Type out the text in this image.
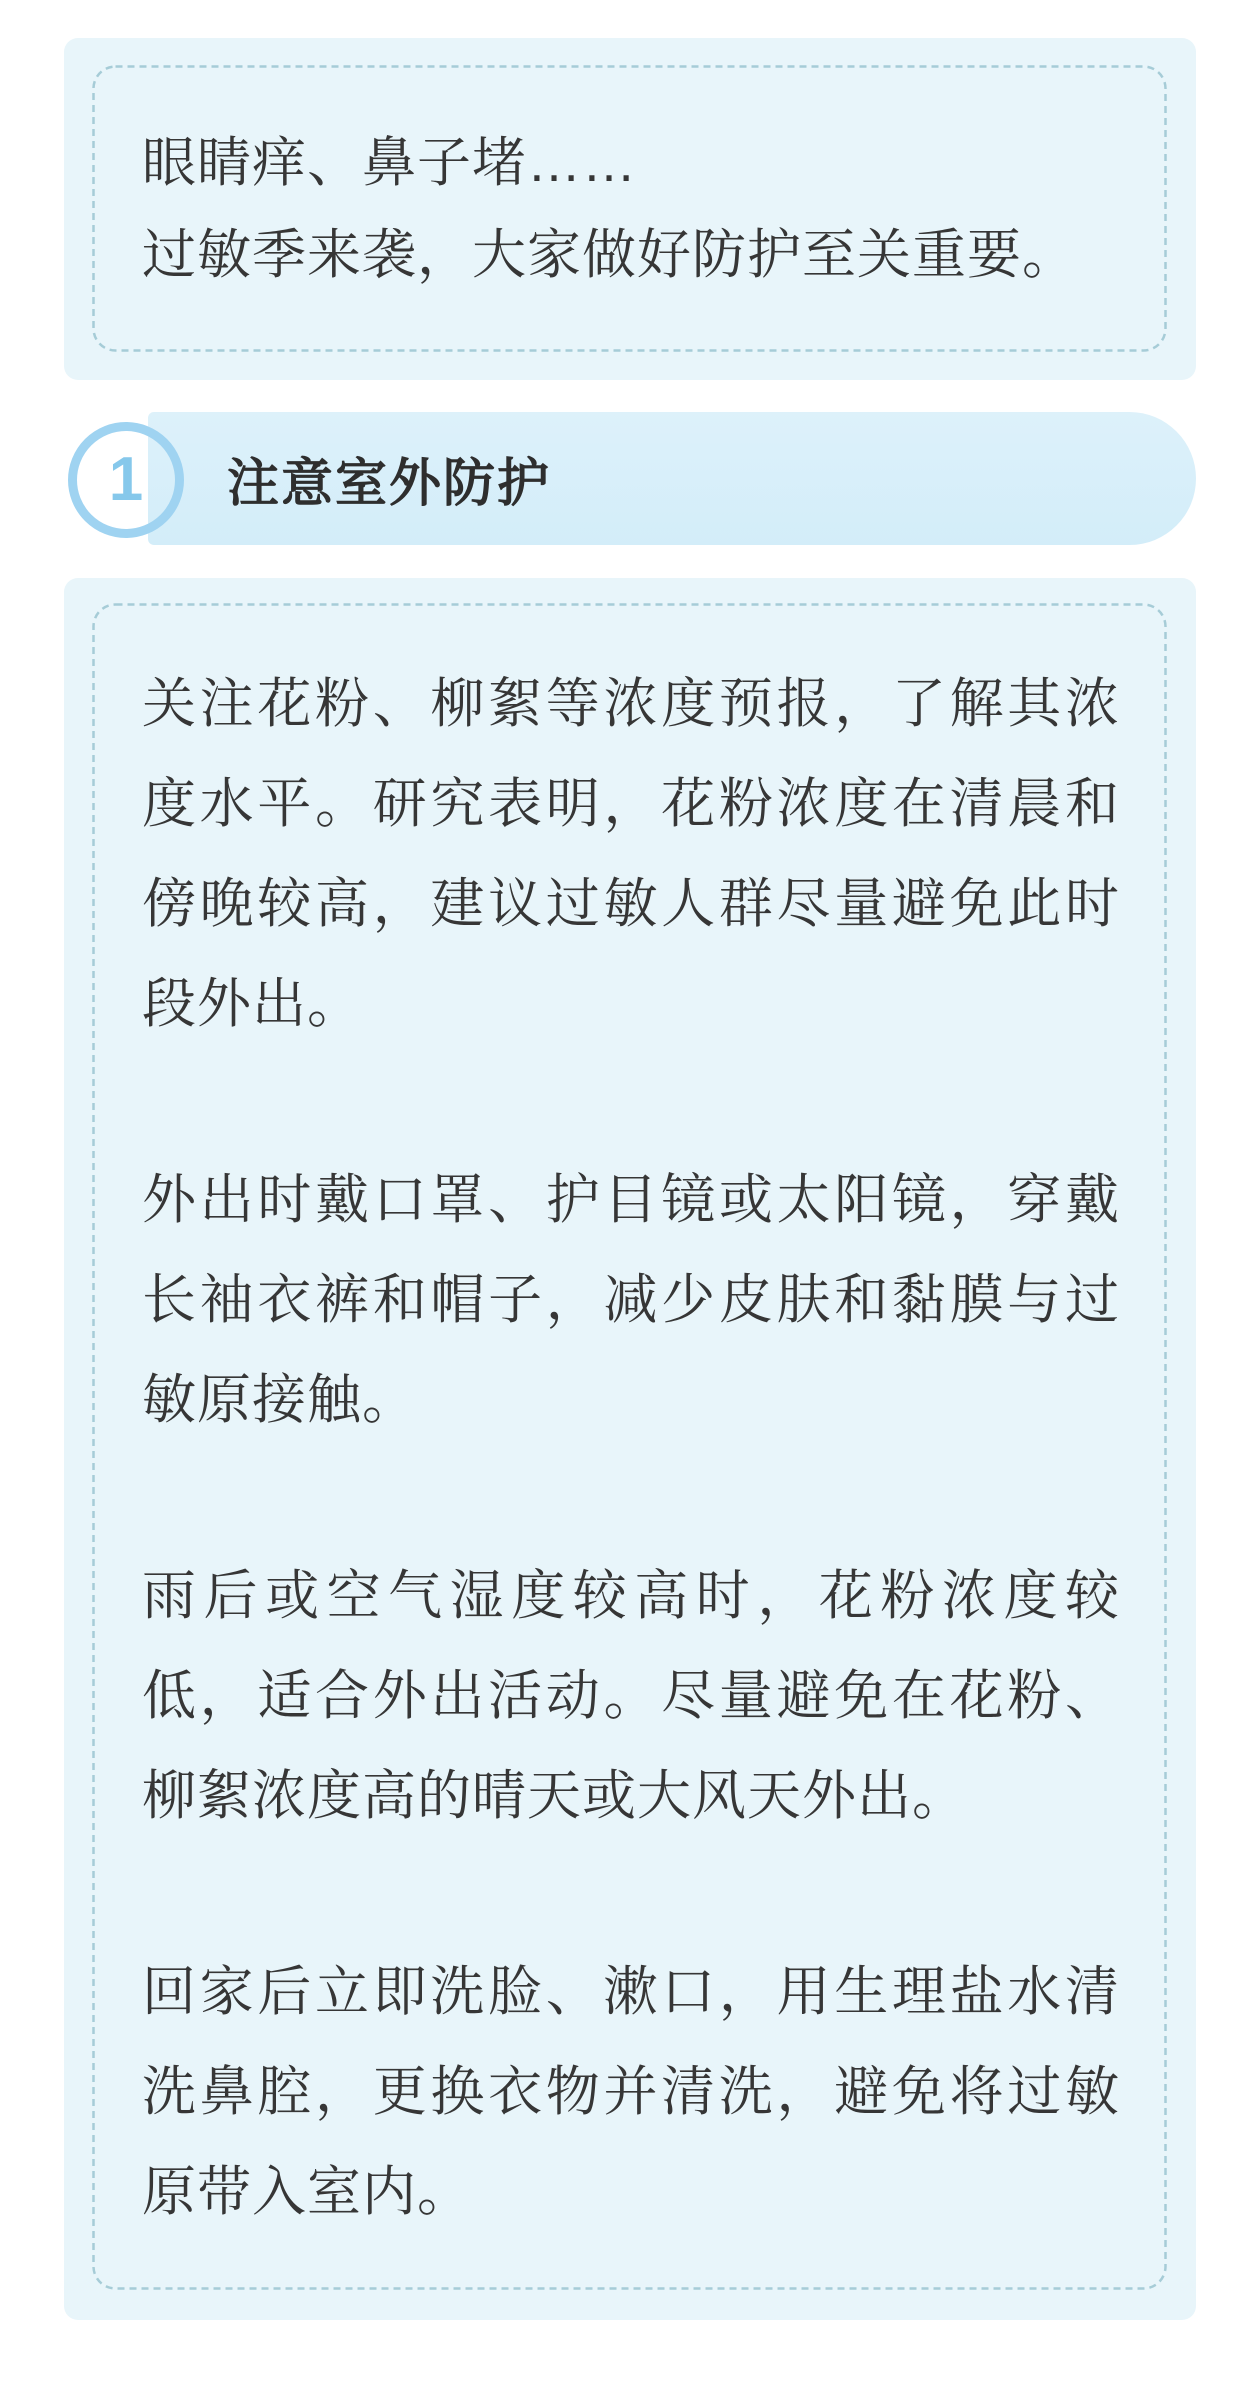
眼睛痒、鼻子堵……
过敏季来袭，大家做好防护至关重要。
1 注意室外防护
关注花粉、柳絮等浓度预报，了解其浓
度水平。研究表明，花粉浓度在清晨和
傍晚较高，建议过敏人群尽量避免此时
段外出。
外出时戴口罩、护目镜或太阳镜，穿戴
长袖衣裤和帽子，减少皮肤和黏膜与过
敏原接触。
雨后或空气湿度较高时，花粉浓度较
低，适合外出活动。尽量避免在花粉、
柳絮浓度高的晴天或大风天外出。
回家后立即洗脸、漱口，用生理盐水清
洗鼻腔，更换衣物并清洗，避免将过敏
原带入室内。
